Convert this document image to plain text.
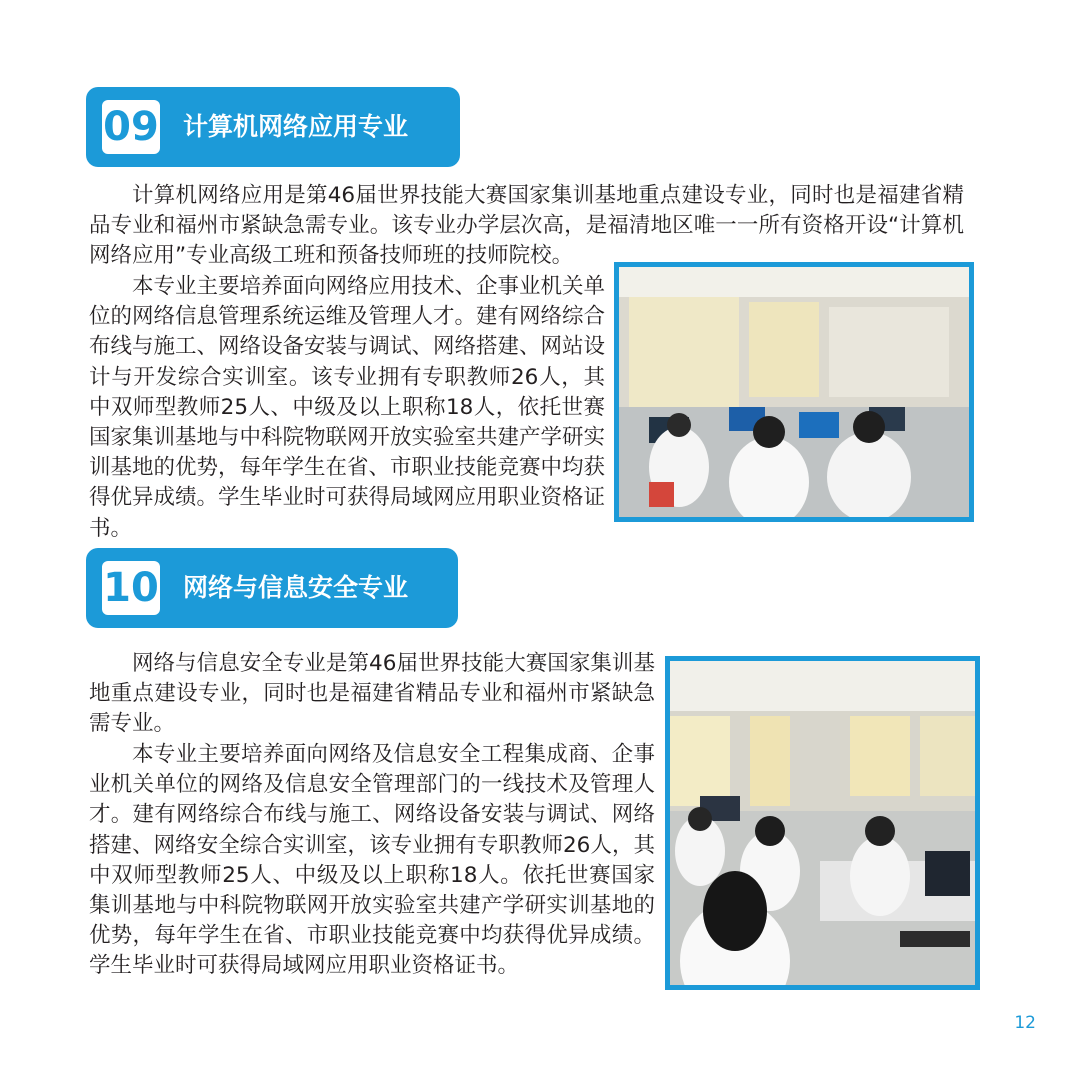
09 计算机网络应用专业

计算机网络应用是第46届世界技能大赛国家集训基地重点建设专业，同时也是福建省精品专业和福州市紧缺急需专业。该专业办学层次高，是福清地区唯一一所有资格开设“计算机网络应用”专业高级工班和预备技师班的技师院校。

本专业主要培养面向网络应用技术、企事业机关单位的网络信息管理系统运维及管理人才。建有网络综合布线与施工、网络设备安装与调试、网络搭建、网站设计与开发综合实训室。该专业拥有专职教师26人，其中双师型教师25人、中级及以上职称18人，依托世赛国家集训基地与中科院物联网开放实验室共建产学研实训基地的优势，每年学生在省、市职业技能竞赛中均获得优异成绩。学生毕业时可获得局域网应用职业资格证书。

10 网络与信息安全专业

网络与信息安全专业是第46届世界技能大赛国家集训基地重点建设专业，同时也是福建省精品专业和福州市紧缺急需专业。

本专业主要培养面向网络及信息安全工程集成商、企事业机关单位的网络及信息安全管理部门的一线技术及管理人才。建有网络综合布线与施工、网络设备安装与调试、网络搭建、网络安全综合实训室，该专业拥有专职教师26人，其中双师型教师25人、中级及以上职称18人。依托世赛国家集训基地与中科院物联网开放实验室共建产学研实训基地的优势，每年学生在省、市职业技能竞赛中均获得优异成绩。学生毕业时可获得局域网应用职业资格证书。

12
